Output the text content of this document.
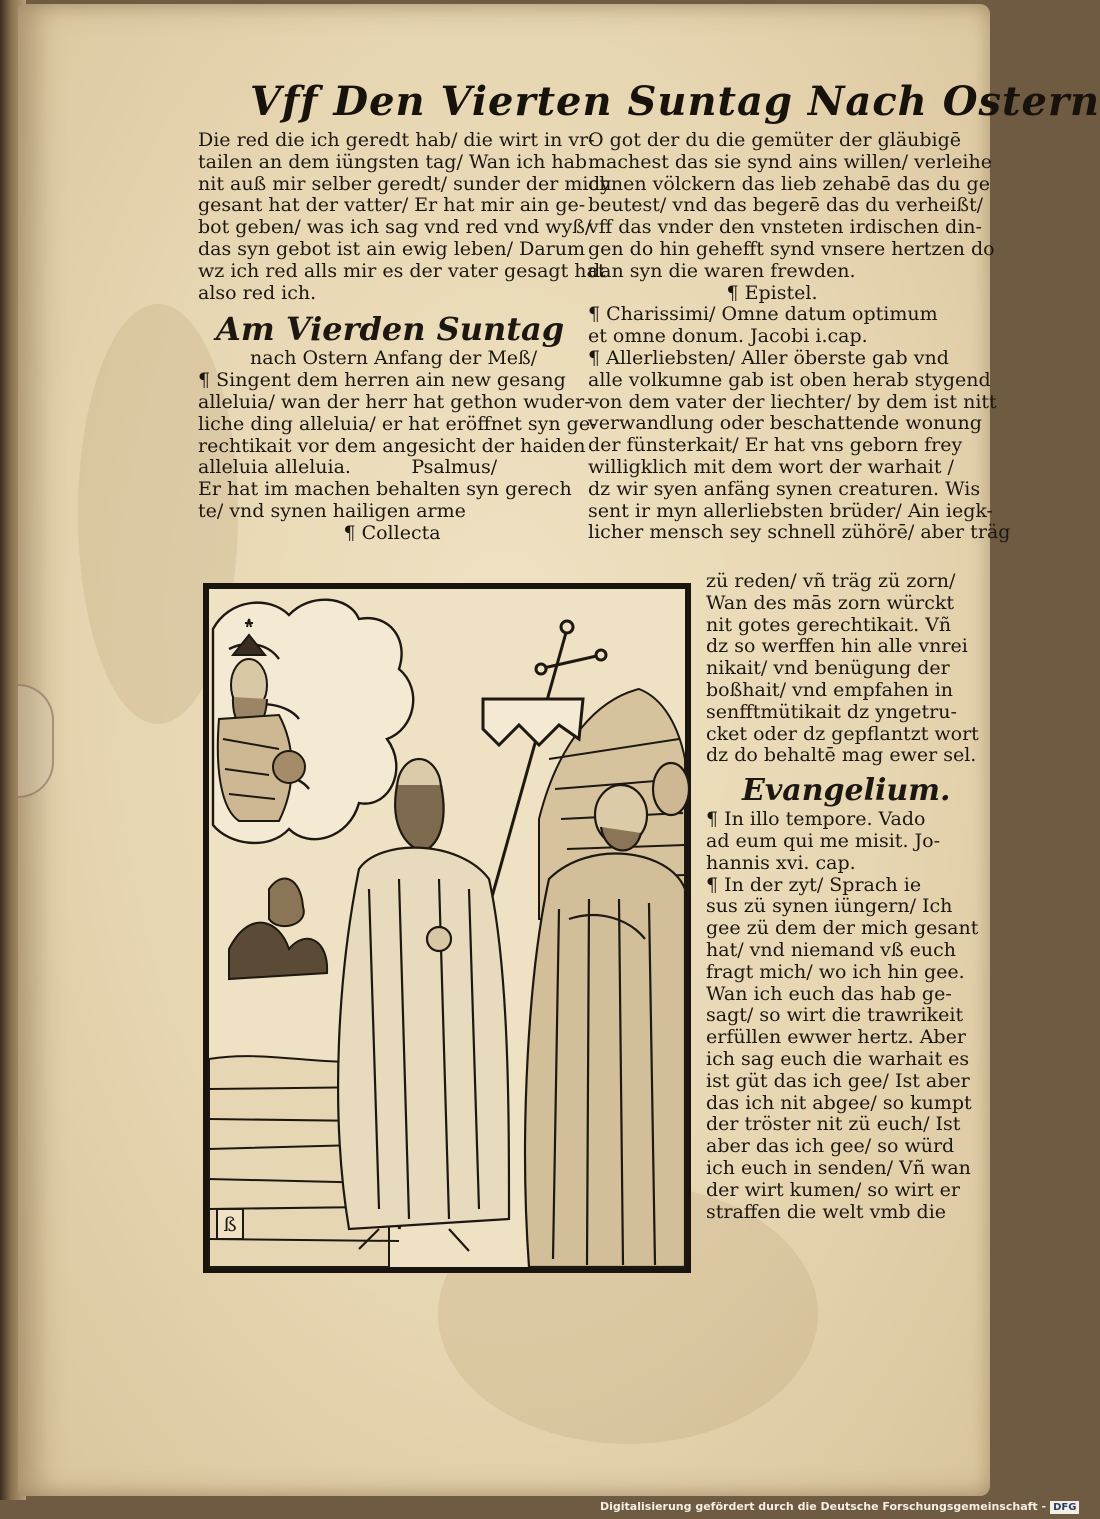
Vff Den Vierten Suntag Nach Ostern

Die red die ich geredt hab/ die wirt in vr-

tailen an dem iüngsten tag/ Wan ich hab

nit auß mir selber geredt/ sunder der mich

gesant hat der vatter/ Er hat mir ain ge-

bot geben/ was ich sag vnd red vnd wyß/

das syn gebot ist ain ewig leben/ Darum

wz ich red alls mir es der vater gesagt hat

also red ich.

Am Vierden Suntag

nach Ostern Anfang der Meß/

¶ Singent dem herren ain new gesang

alleluia/ wan der herr hat gethon wuder-

liche ding alleluia/ er hat eröffnet syn ge-

rechtikait vor dem angesicht der haiden

alleluia alleluia.          Psalmus/

Er hat im machen behalten syn gerech

te/ vnd synen hailigen arme

¶ Collecta

O got der du die gemüter der gläubigē

machest das sie synd ains willen/ verleihe

dynen völckern das lieb zehabē das du ge

beutest/ vnd das begerē das du verheißt/

vff das vnder den vnsteten irdischen din-

gen do hin gehefft synd vnsere hertzen do

dan syn die waren frewden.

¶ Epistel.

¶ Charissimi/ Omne datum optimum

et omne donum. Jacobi i.cap.

¶ Allerliebsten/ Aller öberste gab vnd

alle volkumne gab ist oben herab stygend

von dem vater der liechter/ by dem ist nitt

verwandlung oder beschattende wonung

der fünsterkait/ Er hat vns geborn frey

willigklich mit dem wort der warhait /

dz wir syen anfäng synen creaturen. Wis

sent ir myn allerliebsten brüder/ Ain iegk-

licher mensch sey schnell zühörē/ aber träg

zü reden/ vñ träg zü zorn/

Wan des mās zorn würckt

nit gotes gerechtikait. Vñ

dz so werffen hin alle vnrei

nikait/ vnd benügung der

boßhait/ vnd empfahen in

senfftmütikait dz yngetru-

cket oder dz gepflantzt wort

dz do behaltē mag ewer sel.

Evangelium.

¶ In illo tempore. Vado

ad eum qui me misit. Jo-

hannis xvi. cap.

¶ In der zyt/ Sprach ie

sus zü synen iüngern/ Ich

gee zü dem der mich gesant

hat/ vnd niemand vß euch

fragt mich/ wo ich hin gee.

Wan ich euch das hab ge-

sagt/ so wirt die trawrikeit

erfüllen ewwer hertz. Aber

ich sag euch die warhait es

ist güt das ich gee/ Ist aber

das ich nit abgee/ so kumpt

der tröster nit zü euch/ Ist

aber das ich gee/ so würd

ich euch in senden/ Vñ wan

der wirt kumen/ so wirt er

straffen die welt vmb die

ß
Digitalisierung gefördert durch die Deutsche Forschungsgemeinschaft - DFG
